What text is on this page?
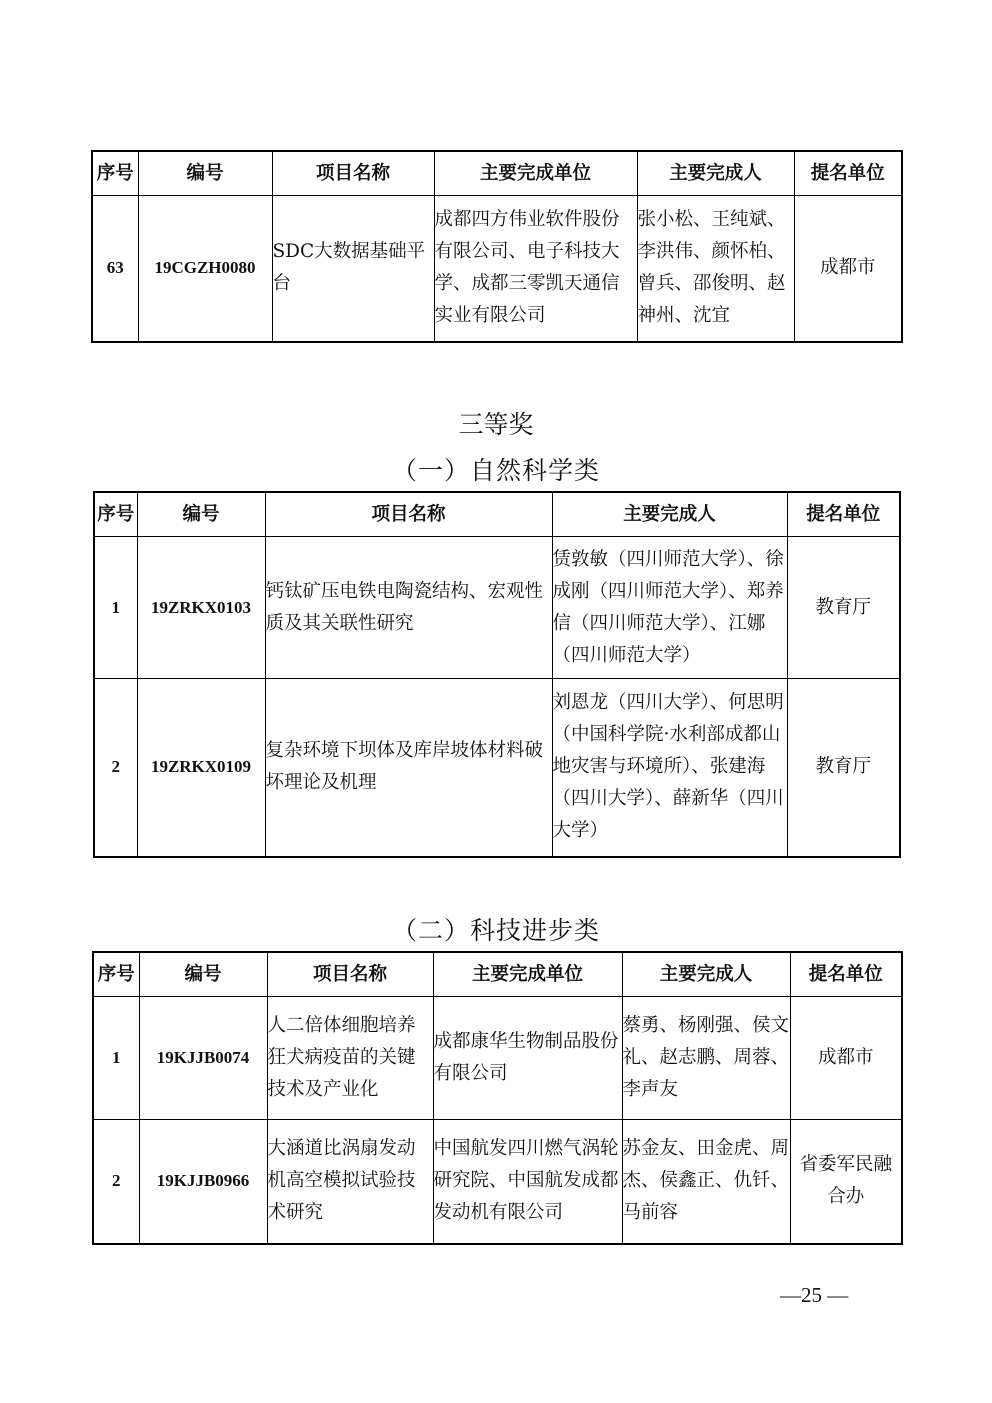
序号	编号	项目名称	主要完成单位	主要完成人	提名单位
63	19CGZH0080	SDC大数据基础平台	成都四方伟业软件股份有限公司、电子科技大学、成都三零凯天通信实业有限公司	张小松、王纯斌、李洪伟、颜怀柏、曾兵、邵俊明、赵神州、沈宜	成都市
三等奖
（一）自然科学类
序号	编号	项目名称	主要完成人	提名单位
1	19ZRKX0103	钙钛矿压电铁电陶瓷结构、宏观性质及其关联性研究	赁敦敏（四川师范大学）、徐成刚（四川师范大学）、郑养信（四川师范大学）、江娜（四川师范大学）	教育厅
2	19ZRKX0109	复杂环境下坝体及库岸坡体材料破坏理论及机理	刘恩龙（四川大学）、何思明（中国科学院·水利部成都山地灾害与环境所）、张建海（四川大学）、薛新华（四川大学）	教育厅
（二）科技进步类
序号	编号	项目名称	主要完成单位	主要完成人	提名单位
1	19KJJB0074	人二倍体细胞培养狂犬病疫苗的关键技术及产业化	成都康华生物制品股份有限公司	蔡勇、杨刚强、侯文礼、赵志鹏、周蓉、李声友	成都市
2	19KJJB0966	大涵道比涡扇发动机高空模拟试验技术研究	中国航发四川燃气涡轮研究院、中国航发成都发动机有限公司	苏金友、田金虎、周杰、侯鑫正、仇钎、马前容	省委军民融合办
—25 —
